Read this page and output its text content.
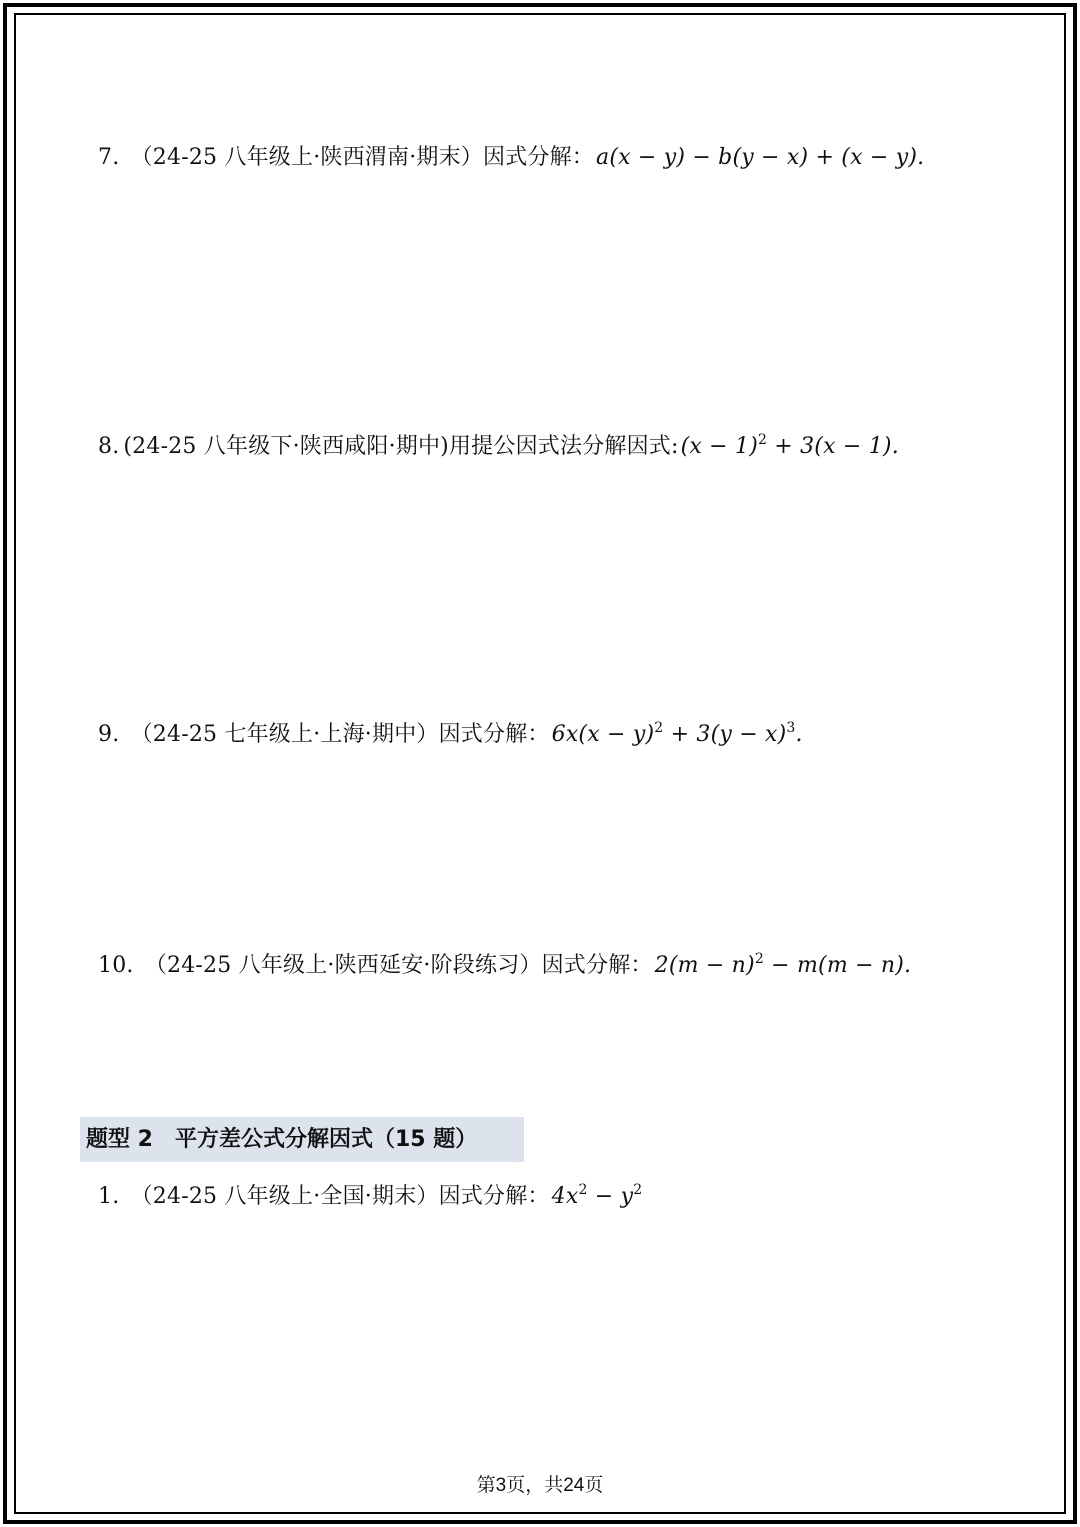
7. （24-25 八年级上·陕西渭南·期末）因式分解：a(x − y) − b(y − x) + (x − y).
8. (24-25 八年级下·陕西咸阳·期中)用提公因式法分解因式:(x − 1)$^2$ + 3(x − 1).
9. （24-25 七年级上·上海·期中）因式分解：$6x(x - y)^2 + 3(y - x)^3$.
10. （24-25 八年级上·陕西延安·阶段练习）因式分解：$2(m - n)^2 - m(m - n)$.
题型 2 平方差公式分解因式（15 题）
1. （24-25 八年级上·全国·期末）因式分解：$4x^2 - y^2$
第3页，共24页
